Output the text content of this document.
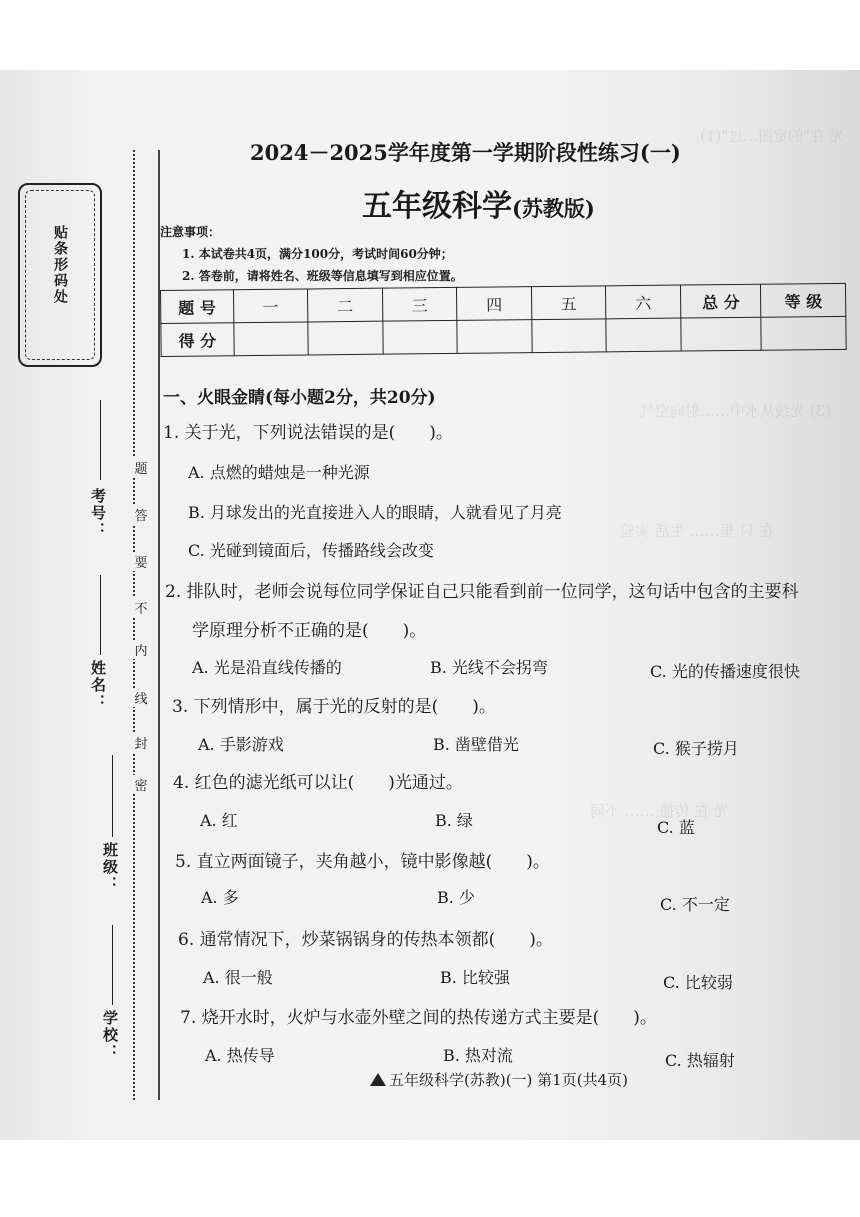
光 在"的宽图…过"(1)
(3) 光线从水中……射向空气
在 只 里…… 生活 实验
光 在 传播 …… 不同
贴条形码处
考号：
姓名：
班级：
学校：
题
答
要
不
内
线
封
密
2024－2025学年度第一学期阶段性练习(一)
五年级科学(苏教版)
注意事项：
1. 本试卷共4页，满分100分，考试时间60分钟；
2. 答卷前，请将姓名、班级等信息填写到相应位置。
题 号	一	二	三	四	五	六	总 分	等 级
得 分								
一、火眼金睛(每小题2分，共20分)
1. 关于光，下列说法错误的是( )。
A. 点燃的蜡烛是一种光源
B. 月球发出的光直接进入人的眼睛，人就看见了月亮
C. 光碰到镜面后，传播路线会改变
2. 排队时，老师会说每位同学保证自己只能看到前一位同学，这句话中包含的主要科
学原理分析不正确的是( )。
A. 光是沿直线传播的	B. 光线不会拐弯	C. 光的传播速度很快
3. 下列情形中，属于光的反射的是( )。
A. 手影游戏	B. 凿壁借光	C. 猴子捞月
4. 红色的滤光纸可以让( )光通过。
A. 红	B. 绿	C. 蓝
5. 直立两面镜子，夹角越小，镜中影像越( )。
A. 多	B. 少	C. 不一定
6. 通常情况下，炒菜锅锅身的传热本领都( )。
A. 很一般	B. 比较强	C. 比较弱
7. 烧开水时，火炉与水壶外壁之间的热传递方式主要是( )。
A. 热传导	B. 热对流	C. 热辐射
五年级科学(苏教)(一) 第1页(共4页)
